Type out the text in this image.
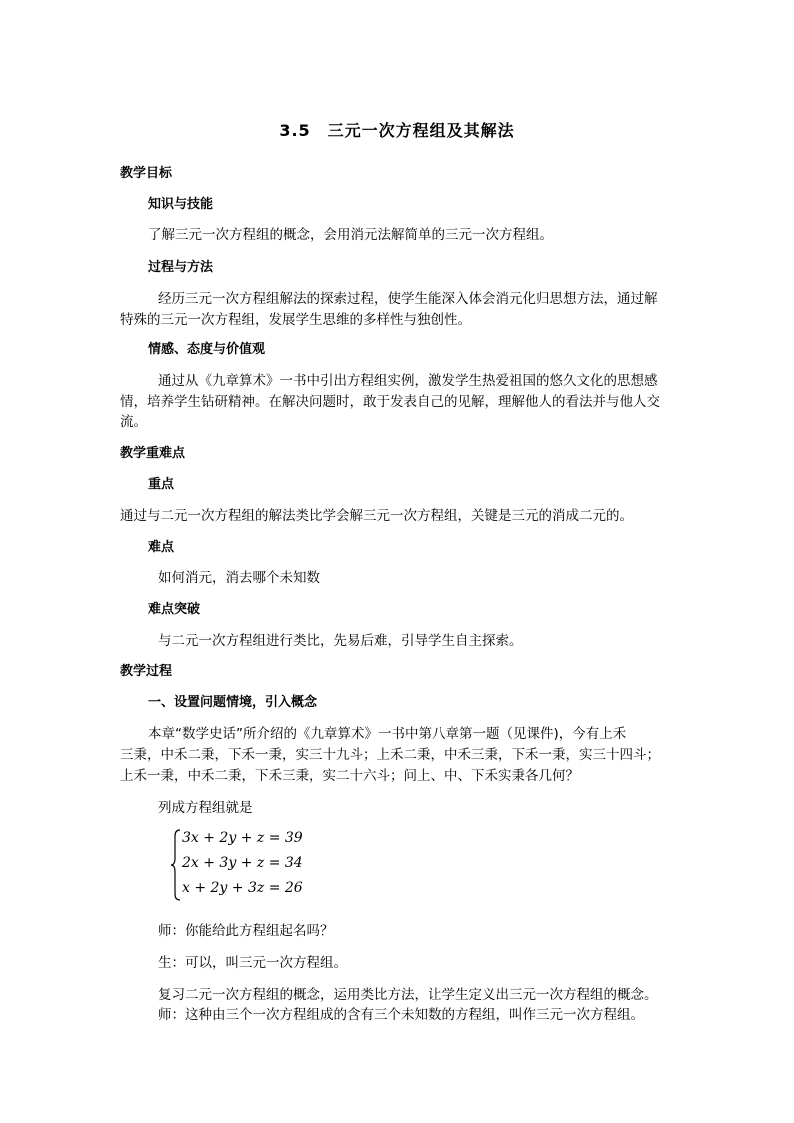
3.5　三元一次方程组及其解法
教学目标
知识与技能
了解三元一次方程组的概念，会用消元法解简单的三元一次方程组。
过程与方法
经历三元一次方程组解法的探索过程，使学生能深入体会消元化归思想方法，通过解
特殊的三元一次方程组，发展学生思维的多样性与独创性。
情感、态度与价值观
通过从《九章算术》一书中引出方程组实例，激发学生热爱祖国的悠久文化的思想感
情，培养学生钻研精神。在解决问题时，敢于发表自己的见解，理解他人的看法并与他人交
流。
教学重难点
重点
通过与二元一次方程组的解法类比学会解三元一次方程组，关键是三元的消成二元的。
难点
如何消元，消去哪个未知数
难点突破
与二元一次方程组进行类比，先易后难，引导学生自主探索。
教学过程
一、设置问题情境，引入概念
本章“数学史话”所介绍的《九章算术》一书中第八章第一题（见课件)，今有上禾
三秉，中禾二秉，下禾一秉，实三十九斗；上禾二秉，中禾三秉，下禾一秉，实三十四斗；
上禾一秉，中禾二秉，下禾三秉，实二十六斗；问上、中、下禾实秉各几何？
列成方程组就是
3x + 2y + z = 39
2x + 3y + z = 34
x + 2y + 3z = 26
师：你能给此方程组起名吗？
生：可以，叫三元一次方程组。
复习二元一次方程组的概念，运用类比方法，让学生定义出三元一次方程组的概念。
师：这种由三个一次方程组成的含有三个未知数的方程组，叫作三元一次方程组。
